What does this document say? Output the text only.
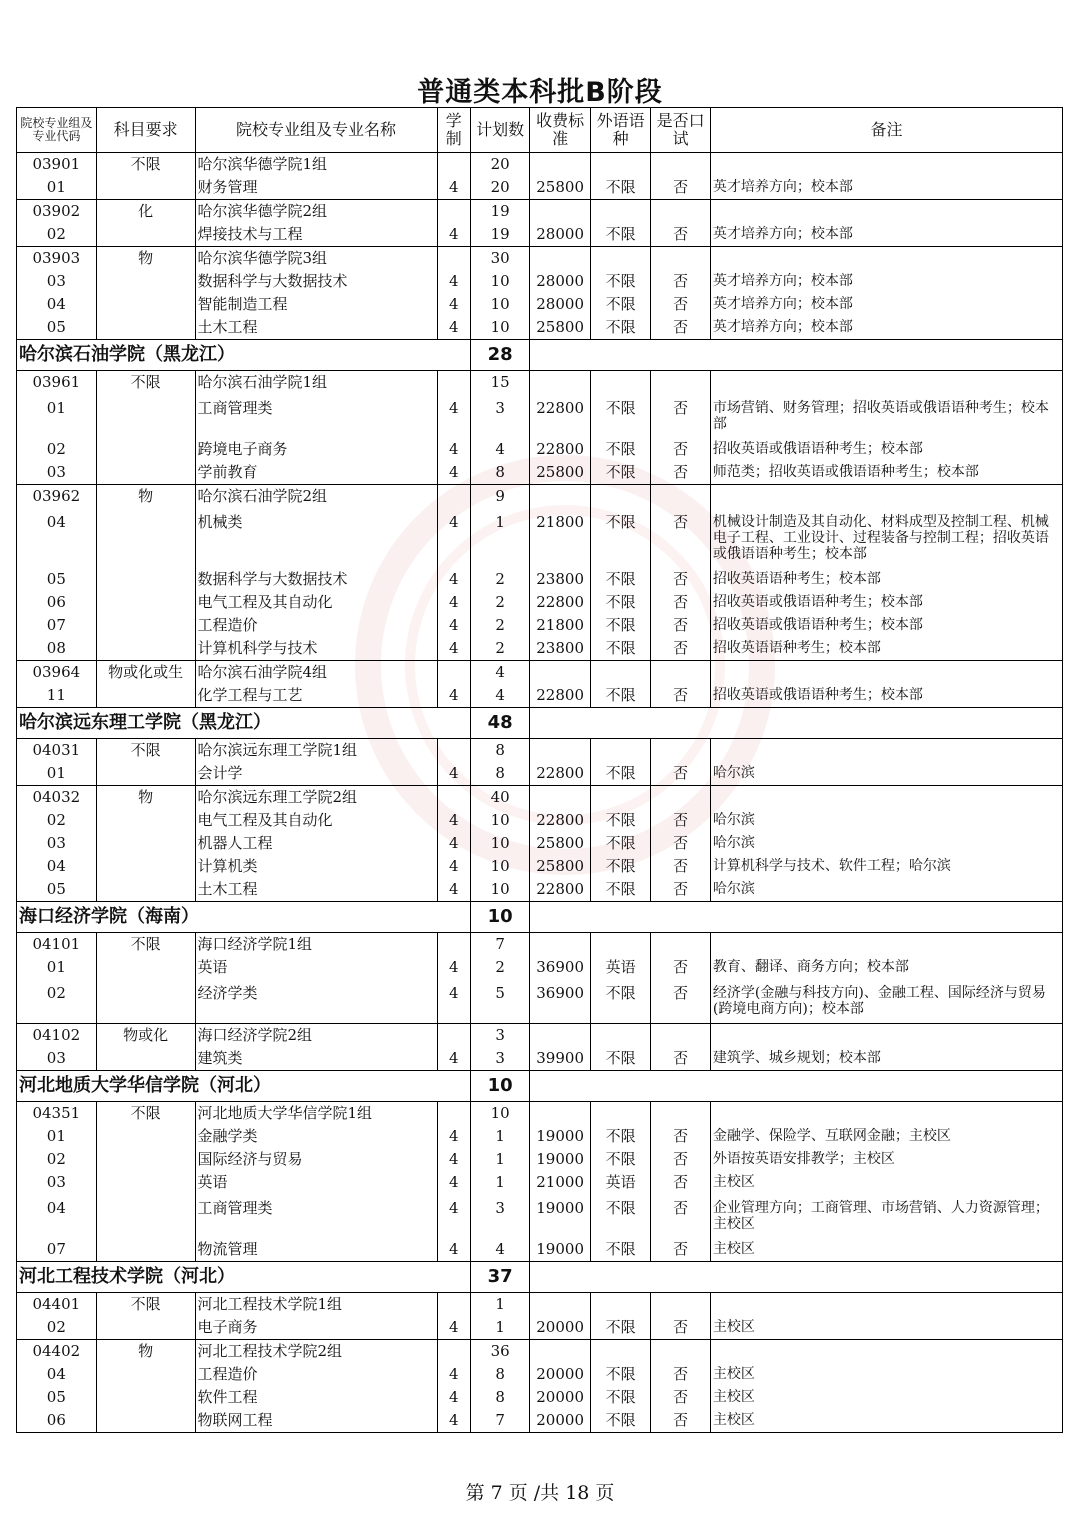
普通类本科批B阶段
院校专业组及专业代码	科目要求	院校专业组及专业名称	学制	计划数	收费标准	外语语种	是否口试	备注
03901	不限	哈尔滨华德学院1组		20				
01		财务管理	4	20	25800	不限	否	英才培养方向；校本部
03902	化	哈尔滨华德学院2组		19				
02		焊接技术与工程	4	19	28000	不限	否	英才培养方向；校本部
03903	物	哈尔滨华德学院3组		30				
03		数据科学与大数据技术	4	10	28000	不限	否	英才培养方向；校本部
04		智能制造工程	4	10	28000	不限	否	英才培养方向；校本部
05		土木工程	4	10	25800	不限	否	英才培养方向；校本部
哈尔滨石油学院（黑龙江）				28				
03961	不限	哈尔滨石油学院1组		15				
01		工商管理类	4	3	22800	不限	否	市场营销、财务管理；招收英语或俄语语种考生；校本部
02		跨境电子商务	4	4	22800	不限	否	招收英语或俄语语种考生；校本部
03		学前教育	4	8	25800	不限	否	师范类；招收英语或俄语语种考生；校本部
03962	物	哈尔滨石油学院2组		9				
04		机械类	4	1	21800	不限	否	机械设计制造及其自动化、材料成型及控制工程、机械电子工程、工业设计、过程装备与控制工程；招收英语或俄语语种考生；校本部
05		数据科学与大数据技术	4	2	23800	不限	否	招收英语语种考生；校本部
06		电气工程及其自动化	4	2	22800	不限	否	招收英语或俄语语种考生；校本部
07		工程造价	4	2	21800	不限	否	招收英语或俄语语种考生；校本部
08		计算机科学与技术	4	2	23800	不限	否	招收英语语种考生；校本部
03964	物或化或生	哈尔滨石油学院4组		4				
11		化学工程与工艺	4	4	22800	不限	否	招收英语或俄语语种考生；校本部
哈尔滨远东理工学院（黑龙江）				48				
04031	不限	哈尔滨远东理工学院1组		8				
01		会计学	4	8	22800	不限	否	哈尔滨
04032	物	哈尔滨远东理工学院2组		40				
02		电气工程及其自动化	4	10	22800	不限	否	哈尔滨
03		机器人工程	4	10	25800	不限	否	哈尔滨
04		计算机类	4	10	25800	不限	否	计算机科学与技术、软件工程；哈尔滨
05		土木工程	4	10	22800	不限	否	哈尔滨
海口经济学院（海南）				10				
04101	不限	海口经济学院1组		7				
01		英语	4	2	36900	英语	否	教育、翻译、商务方向；校本部
02		经济学类	4	5	36900	不限	否	经济学(金融与科技方向)、金融工程、国际经济与贸易(跨境电商方向)；校本部
04102	物或化	海口经济学院2组		3				
03		建筑类	4	3	39900	不限	否	建筑学、城乡规划；校本部
河北地质大学华信学院（河北）				10				
04351	不限	河北地质大学华信学院1组		10				
01		金融学类	4	1	19000	不限	否	金融学、保险学、互联网金融；主校区
02		国际经济与贸易	4	1	19000	不限	否	外语按英语安排教学；主校区
03		英语	4	1	21000	英语	否	主校区
04		工商管理类	4	3	19000	不限	否	企业管理方向；工商管理、市场营销、人力资源管理；主校区
07		物流管理	4	4	19000	不限	否	主校区
河北工程技术学院（河北）				37				
04401	不限	河北工程技术学院1组		1				
02		电子商务	4	1	20000	不限	否	主校区
04402	物	河北工程技术学院2组		36				
04		工程造价	4	8	20000	不限	否	主校区
05		软件工程	4	8	20000	不限	否	主校区
06		物联网工程	4	7	20000	不限	否	主校区
第 7 页 /共 18 页
